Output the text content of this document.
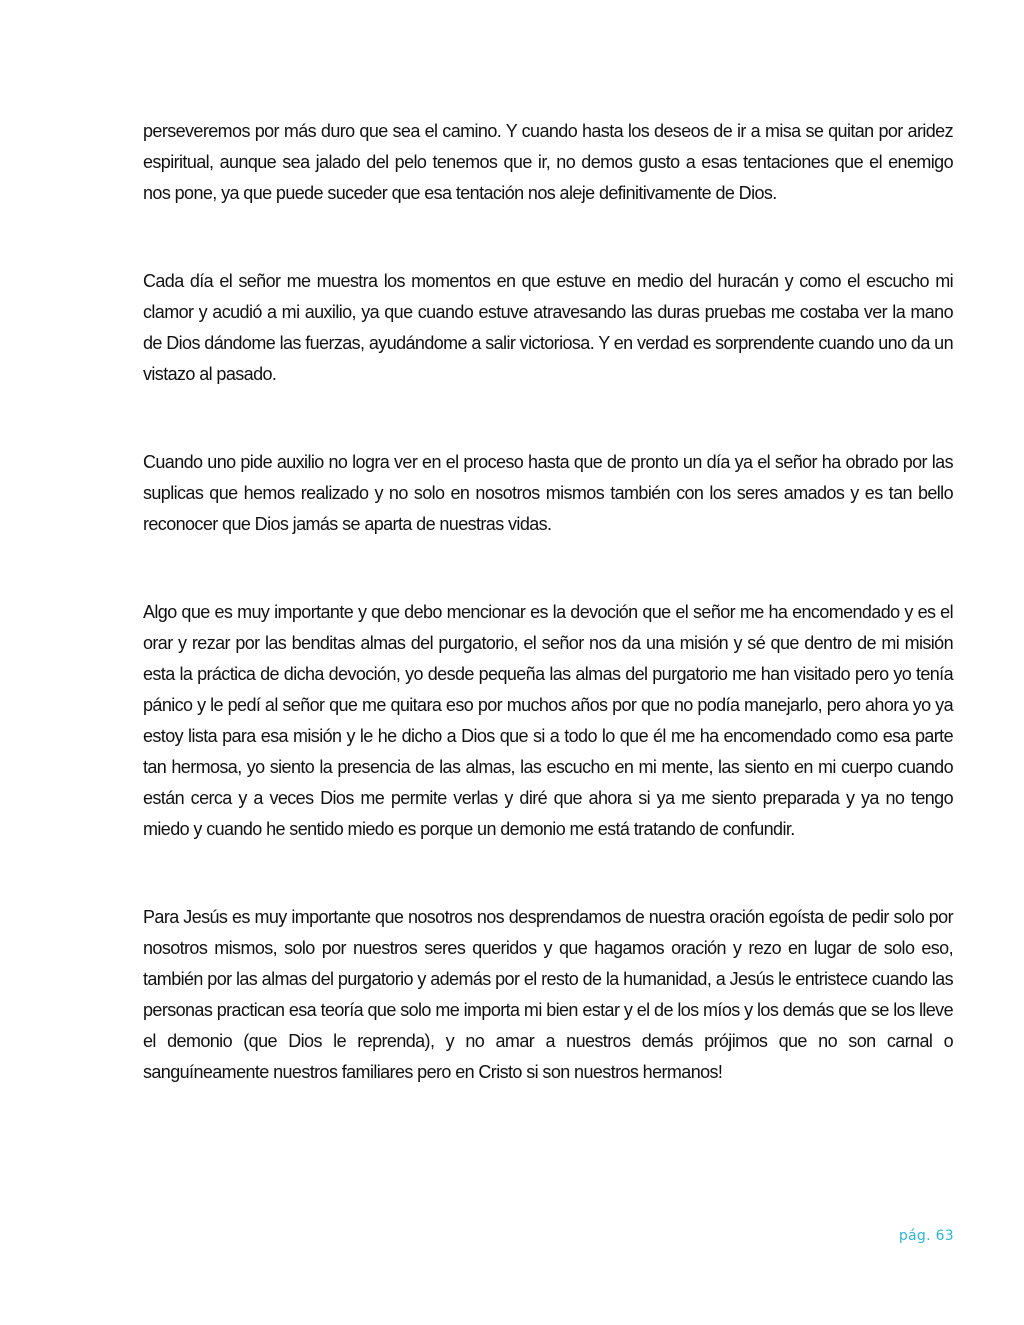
perseveremos por más duro que sea el camino. Y cuando hasta los deseos de ir a misa se quitan por aridez espiritual, aunque sea jalado del pelo tenemos que ir, no demos gusto a esas tentaciones que el enemigo nos pone, ya que puede suceder que esa tentación nos aleje definitivamente de Dios.

Cada día el señor me muestra los momentos en que estuve en medio del huracán y como el escucho mi clamor y acudió a mi auxilio, ya que cuando estuve atravesando las duras pruebas me costaba ver la mano de Dios dándome las fuerzas, ayudándome a salir victoriosa. Y en verdad es sorprendente cuando uno da un vistazo al pasado.

Cuando uno pide auxilio no logra ver en el proceso hasta que de pronto un día ya el señor ha obrado por las suplicas que hemos realizado y no solo en nosotros mismos también con los seres amados y es tan bello reconocer que Dios jamás se aparta de nuestras vidas.

Algo que es muy importante y que debo mencionar es la devoción que el señor me ha encomendado y es el orar y rezar por las benditas almas del purgatorio, el señor nos da una misión y sé que dentro de mi misión esta la práctica de dicha devoción, yo desde pequeña las almas del purgatorio me han visitado pero yo tenía pánico y le pedí al señor que me quitara eso por muchos años por que no podía manejarlo, pero ahora yo ya estoy lista para esa misión y le he dicho a Dios que si a todo lo que él me ha encomendado como esa parte tan hermosa, yo siento la presencia de las almas, las escucho en mi mente, las siento en mi cuerpo cuando están cerca y a veces Dios me permite verlas y diré que ahora si ya me siento preparada y ya no tengo miedo y cuando he sentido miedo es porque un demonio me está tratando de confundir.

Para Jesús es muy importante que nosotros nos desprendamos de nuestra oración egoísta de pedir solo por nosotros mismos, solo por nuestros seres queridos y que hagamos oración y rezo en lugar de solo eso, también por las almas del purgatorio y además por el resto de la humanidad, a Jesús le entristece cuando las personas practican esa teoría que solo me importa mi bien estar y el de los míos y los demás que se los lleve el demonio (que Dios le reprenda), y no amar a nuestros demás prójimos que no son carnal o sanguíneamente nuestros familiares pero en Cristo si son nuestros hermanos!

pág. 63
